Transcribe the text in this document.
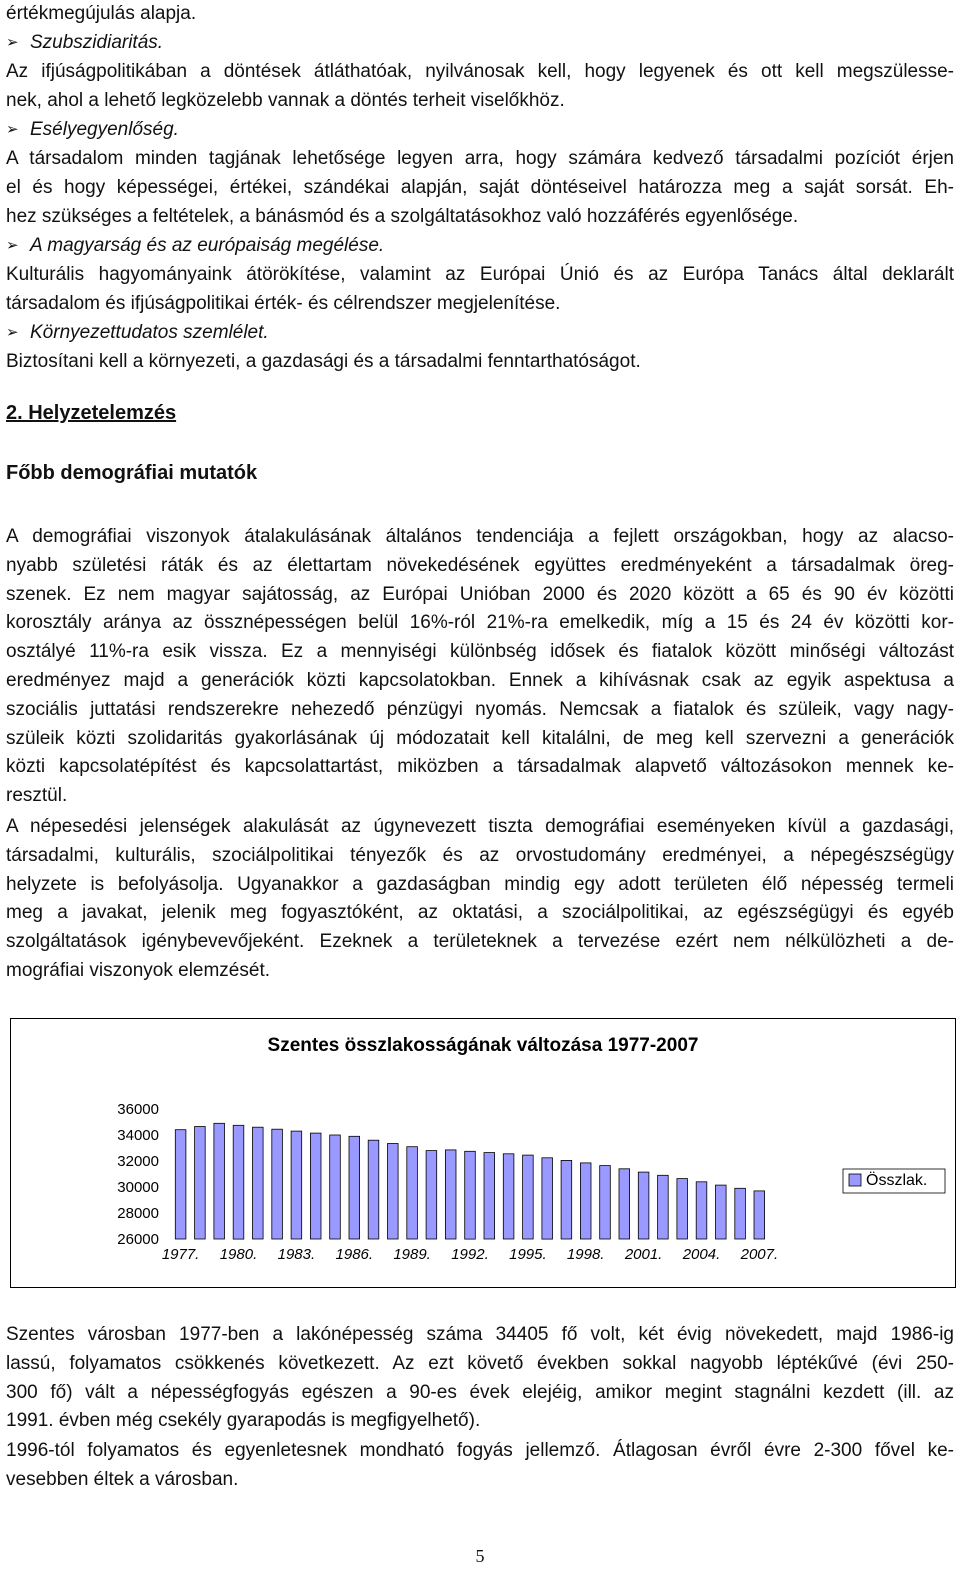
értékmegújulás alapja.
➢ Szubszidiaritás.
Az ifjúságpolitikában a döntések átláthatóak, nyilvánosak kell, hogy legyenek és ott kell megszülesse-
nek, ahol a lehető legközelebb vannak a döntés terheit viselőkhöz.
➢ Esélyegyenlőség.
A társadalom minden tagjának lehetősége legyen arra, hogy számára kedvező társadalmi pozíciót érjen
el és hogy képességei, értékei, szándékai alapján, saját döntéseivel határozza meg a saját sorsát. Eh-
hez szükséges a feltételek, a bánásmód és a szolgáltatásokhoz való hozzáférés egyenlősége.
➢ A magyarság és az európaiság megélése.
Kulturális hagyományaink átörökítése, valamint az Európai Únió és az Európa Tanács által deklarált
társadalom és ifjúságpolitikai érték- és célrendszer megjelenítése.
➢ Környezettudatos szemlélet.
Biztosítani kell a környezeti, a gazdasági és a társadalmi fenntarthatóságot.
2. Helyzetelemzés
Főbb demográfiai mutatók
A demográfiai viszonyok átalakulásának általános tendenciája a fejlett országokban, hogy az alacso-
nyabb születési ráták és az élettartam növekedésének együttes eredményeként a társadalmak öreg-
szenek. Ez nem magyar sajátosság, az Európai Unióban 2000 és 2020 között a 65 és 90 év közötti
korosztály aránya az össznépességen belül 16%-ról 21%-ra emelkedik, míg a 15 és 24 év közötti kor-
osztályé 11%-ra esik vissza. Ez a mennyiségi különbség idősek és fiatalok között minőségi változást
eredményez majd a generációk közti kapcsolatokban. Ennek a kihívásnak csak az egyik aspektusa a
szociális juttatási rendszerekre nehezedő pénzügyi nyomás. Nemcsak a fiatalok és szüleik, vagy nagy-
szüleik közti szolidaritás gyakorlásának új módozatait kell kitalálni, de meg kell szervezni a generációk
közti kapcsolatépítést és kapcsolattartást, miközben a társadalmak alapvető változásokon mennek ke-
resztül.
A népesedési jelenségek alakulását az úgynevezett tiszta demográfiai eseményeken kívül a gazdasági,
társadalmi, kulturális, szociálpolitikai tényezők és az orvostudomány eredményei, a népegészségügy
helyzete is befolyásolja. Ugyanakkor a gazdaságban mindig egy adott területen élő népesség termeli
meg a javakat, jelenik meg fogyasztóként, az oktatási, a szociálpolitikai, az egészségügyi és egyéb
szolgáltatások igénybevevőjeként. Ezeknek a területeknek a tervezése ezért nem nélkülözheti a de-
mográfiai viszonyok elemzését.
Szentes városban 1977-ben a lakónépesség száma 34405 fő volt, két évig növekedett, majd 1986-ig
lassú, folyamatos csökkenés következett. Az ezt követő években sokkal nagyobb léptékűvé (évi 250-
300 fő) vált a népességfogyás egészen a 90-es évek elejéig, amikor megint stagnálni kezdett (ill. az
1991. évben még csekély gyarapodás is megfigyelhető).
1996-tól folyamatos és egyenletesnek mondható fogyás jellemző. Átlagosan évről évre 2-300 fővel ke-
vesebben éltek a városban.
Szentes összlakosságának változása 1977-2007
36000
34000
32000
30000
28000
26000
1977. 1980. 1983. 1986. 1989. 1992. 1995. 1998. 2001. 2004. 2007.
Összlak.
5
